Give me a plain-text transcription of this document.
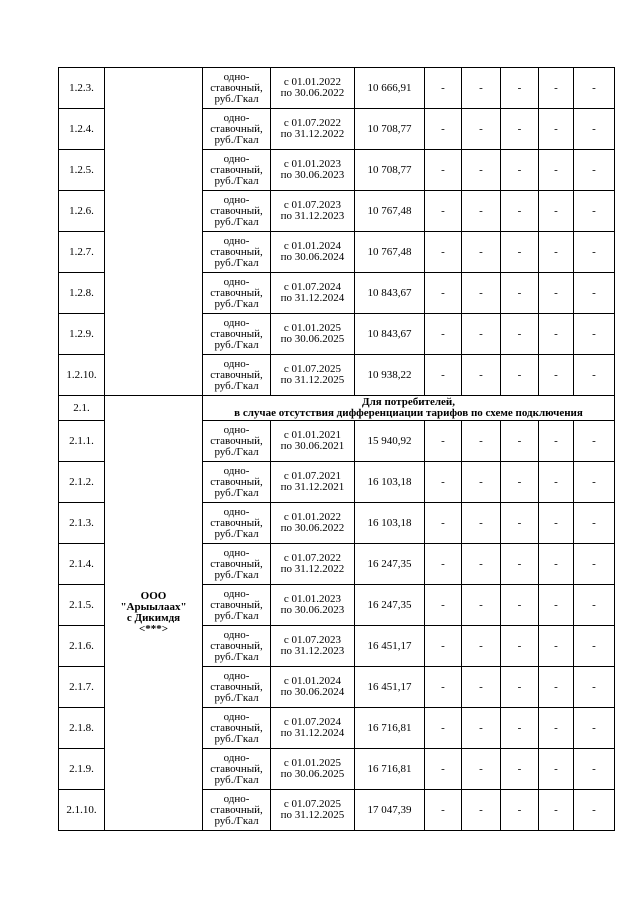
1.2.3.		одно-
ставочный,
руб./Гкал	с 01.01.2022
по 30.06.2022	10 666,91	-	-	-	-	-
1.2.4.		одно-
ставочный,
руб./Гкал	с 01.07.2022
по 31.12.2022	10 708,77	-	-	-	-	-
1.2.5.		одно-
ставочный,
руб./Гкал	с 01.01.2023
по 30.06.2023	10 708,77	-	-	-	-	-
1.2.6.		одно-
ставочный,
руб./Гкал	с 01.07.2023
по 31.12.2023	10 767,48	-	-	-	-	-
1.2.7.		одно-
ставочный,
руб./Гкал	с 01.01.2024
по 30.06.2024	10 767,48	-	-	-	-	-
1.2.8.		одно-
ставочный,
руб./Гкал	с 01.07.2024
по 31.12.2024	10 843,67	-	-	-	-	-
1.2.9.		одно-
ставочный,
руб./Гкал	с 01.01.2025
по 30.06.2025	10 843,67	-	-	-	-	-
1.2.10.		одно-
ставочный,
руб./Гкал	с 01.07.2025
по 31.12.2025	10 938,22	-	-	-	-	-
2.1.	ООО
"Арыылаах"
с Дикимдя
<***>	Для потребителей,
в случае отсутствия дифференциации тарифов по схеме подключения							

2.1.1.		одно-
ставочный,
руб./Гкал	с 01.01.2021
по 30.06.2021	15 940,92	-	-	-	-	-
2.1.2.		одно-
ставочный,
руб./Гкал	с 01.07.2021
по 31.12.2021	16 103,18	-	-	-	-	-
2.1.3.		одно-
ставочный,
руб./Гкал	с 01.01.2022
по 30.06.2022	16 103,18	-	-	-	-	-
2.1.4.		одно-
ставочный,
руб./Гкал	с 01.07.2022
по 31.12.2022	16 247,35	-	-	-	-	-
2.1.5.		одно-
ставочный,
руб./Гкал	с 01.01.2023
по 30.06.2023	16 247,35	-	-	-	-	-
2.1.6.		одно-
ставочный,
руб./Гкал	с 01.07.2023
по 31.12.2023	16 451,17	-	-	-	-	-
2.1.7.		одно-
ставочный,
руб./Гкал	с 01.01.2024
по 30.06.2024	16 451,17	-	-	-	-	-
2.1.8.		одно-
ставочный,
руб./Гкал	с 01.07.2024
по 31.12.2024	16 716,81	-	-	-	-	-
2.1.9.		одно-
ставочный,
руб./Гкал	с 01.01.2025
по 30.06.2025	16 716,81	-	-	-	-	-
2.1.10.		одно-
ставочный,
руб./Гкал	с 01.07.2025
по 31.12.2025	17 047,39	-	-	-	-	-
